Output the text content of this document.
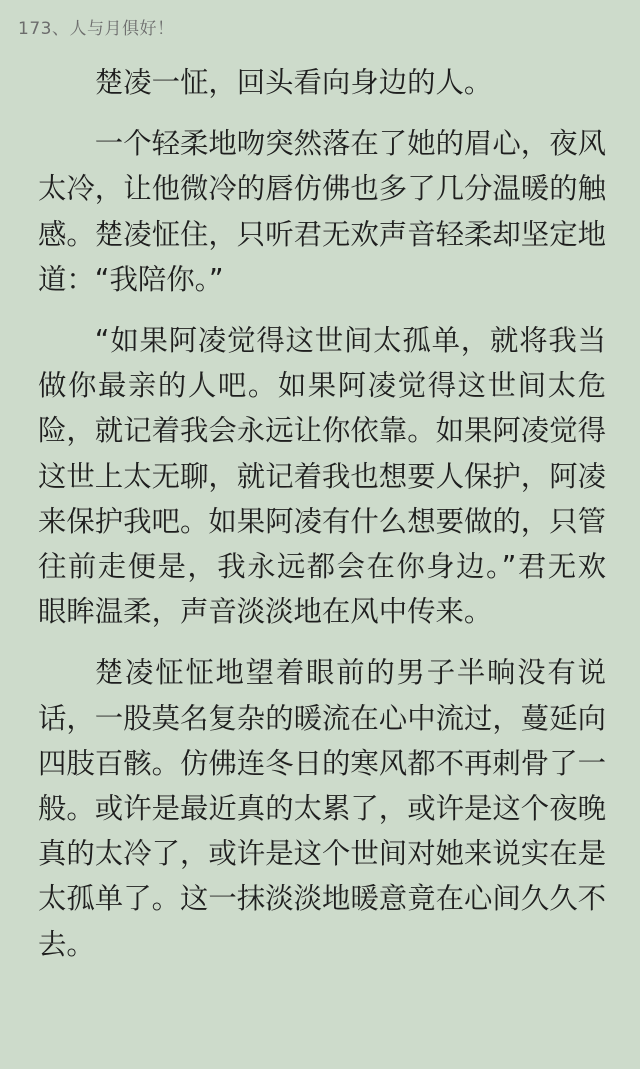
173、人与月俱好！

楚凌一怔，回头看向身边的人。

一个轻柔地吻突然落在了她的眉心，夜风太冷，让他微冷的唇仿佛也多了几分温暖的触感。楚凌怔住，只听君无欢声音轻柔却坚定地道：“我陪你。”

“如果阿凌觉得这世间太孤单，就将我当做你最亲的人吧。如果阿凌觉得这世间太危险，就记着我会永远让你依靠。如果阿凌觉得这世上太无聊，就记着我也想要人保护，阿凌来保护我吧。如果阿凌有什么想要做的，只管往前走便是，我永远都会在你身边。”君无欢眼眸温柔，声音淡淡地在风中传来。

楚凌怔怔地望着眼前的男子半晌没有说话，一股莫名复杂的暖流在心中流过，蔓延向四肢百骸。仿佛连冬日的寒风都不再刺骨了一般。或许是最近真的太累了，或许是这个夜晚真的太冷了，或许是这个世间对她来说实在是太孤单了。这一抹淡淡地暖意竟在心间久久不去。
